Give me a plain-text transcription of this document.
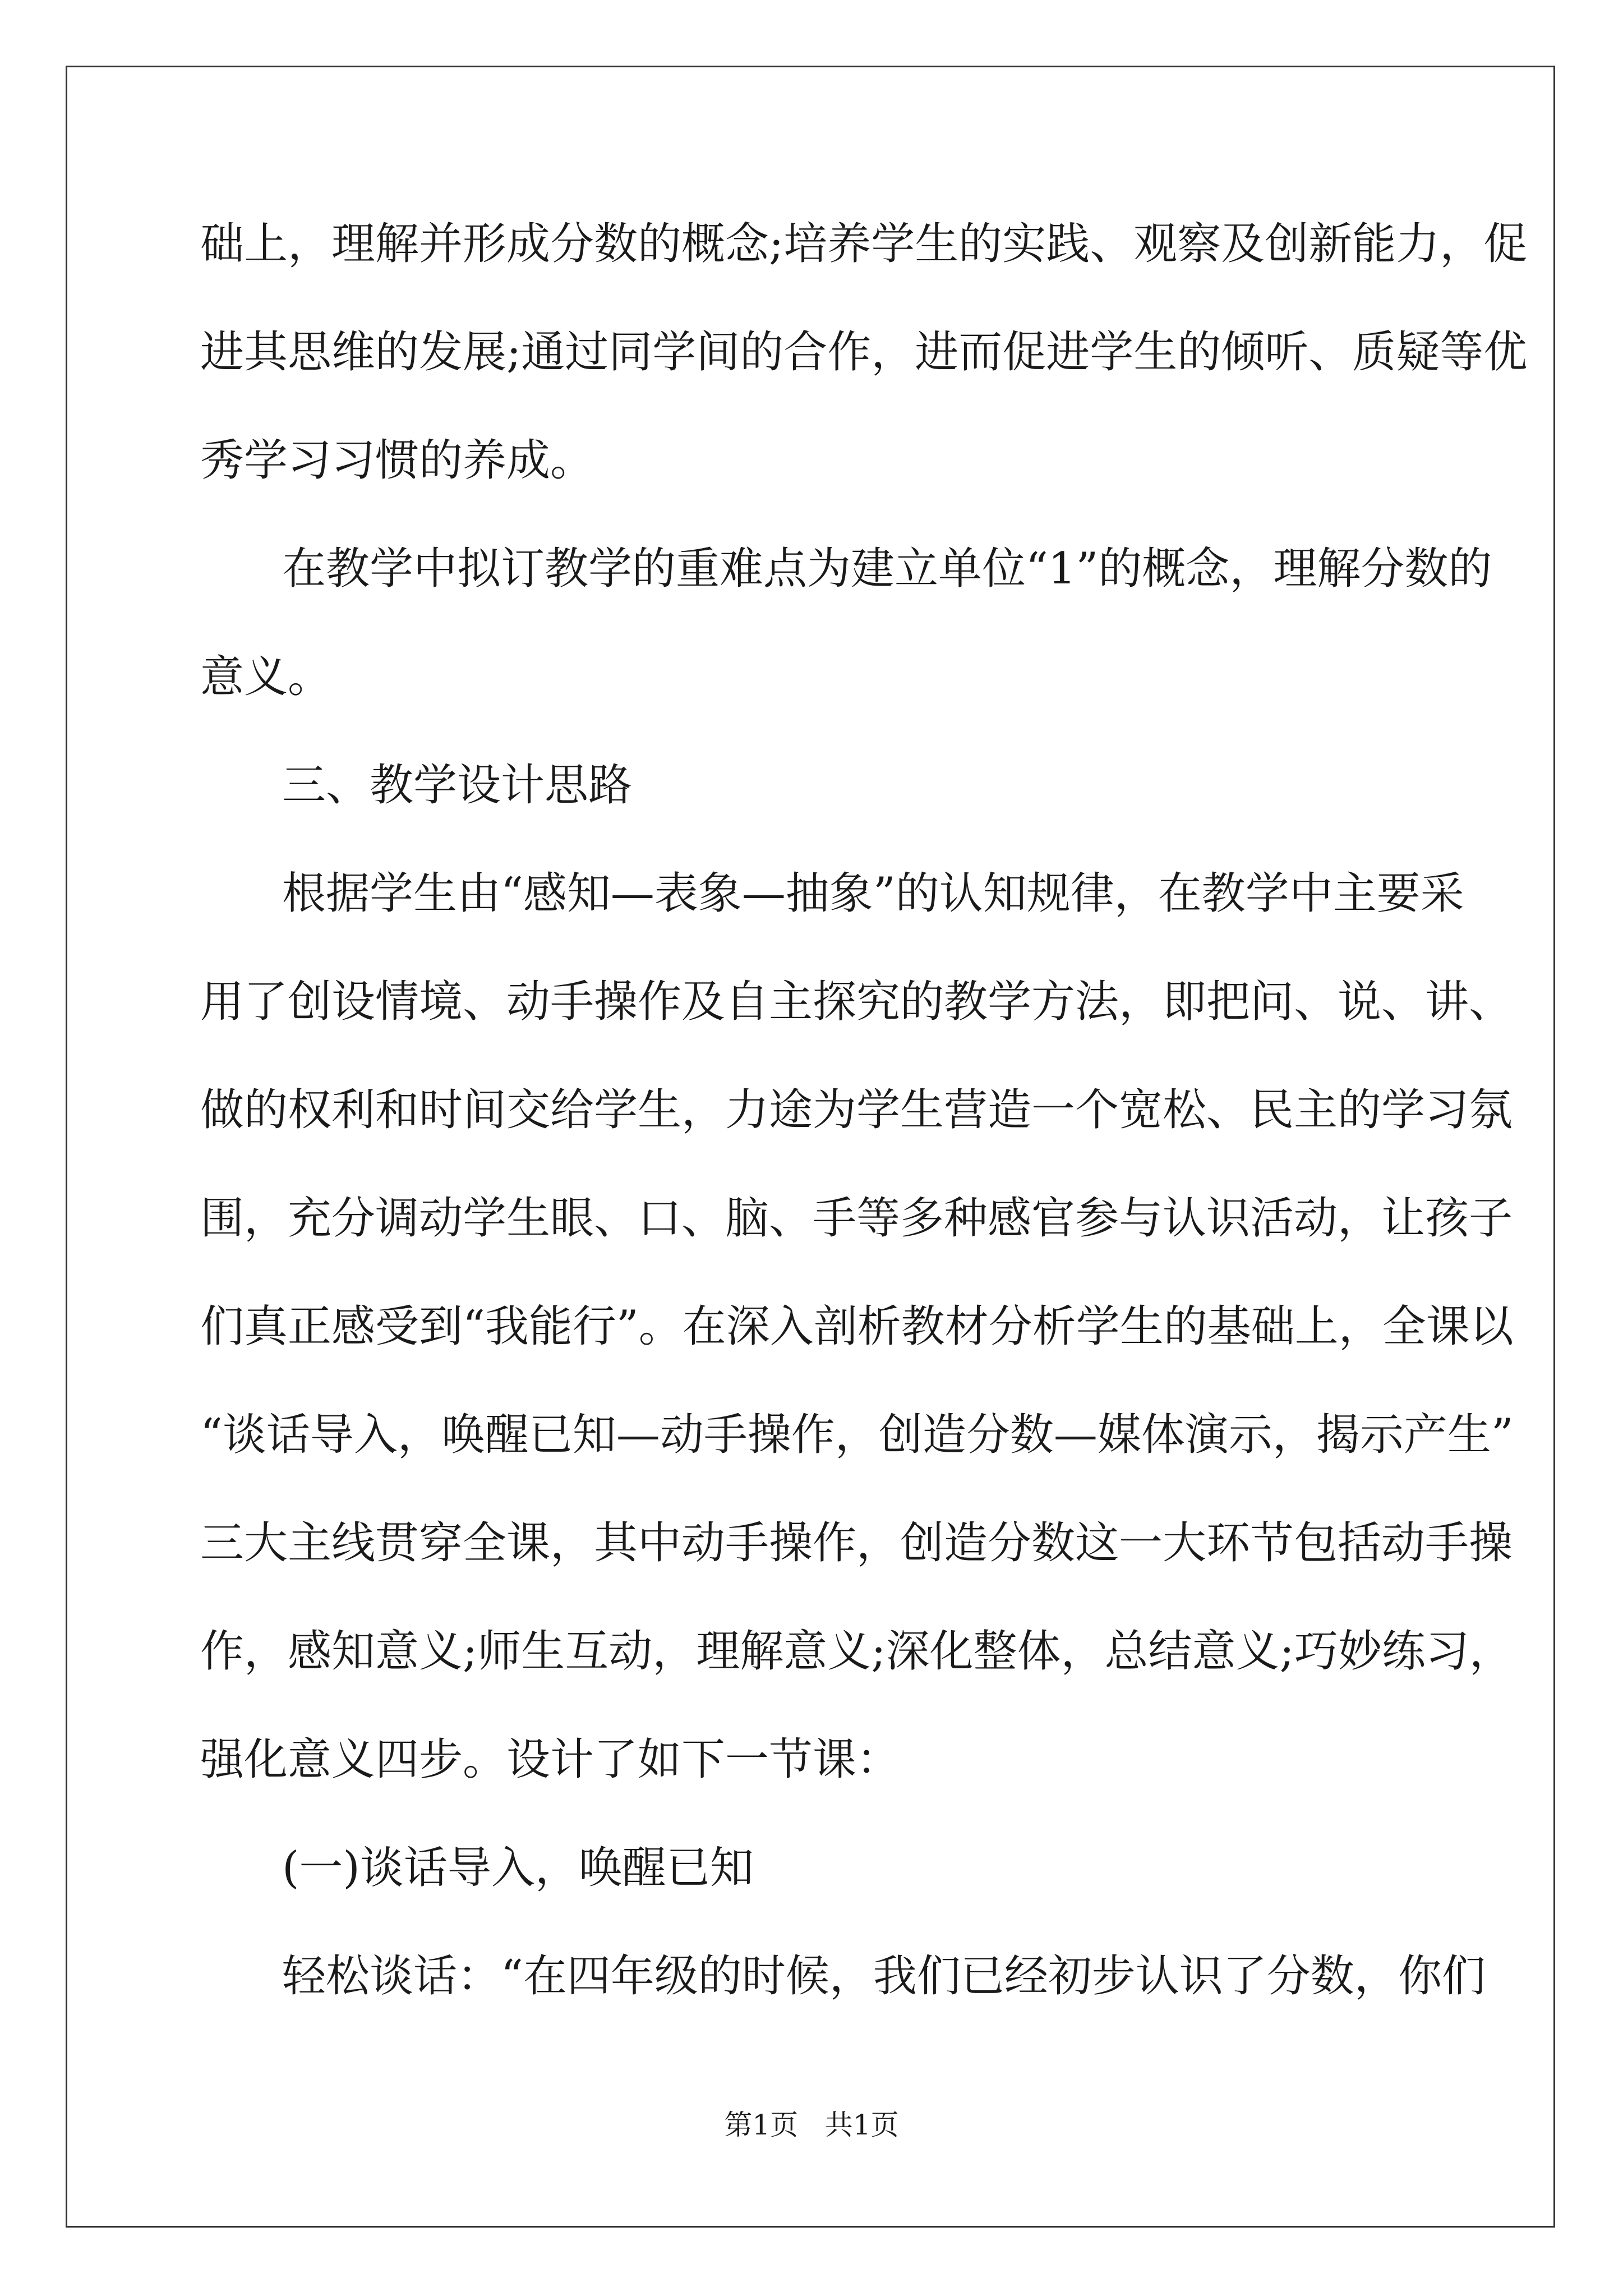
础上，理解并形成分数的概念;培养学生的实践、观察及创新能力，促
进其思维的发展;通过同学间的合作，进而促进学生的倾听、质疑等优
秀学习习惯的养成。
在教学中拟订教学的重难点为建立单位“1”的概念，理解分数的
意义。
三、教学设计思路
根据学生由“感知—表象—抽象”的认知规律，在教学中主要采
用了创设情境、动手操作及自主探究的教学方法，即把问、说、讲、
做的权利和时间交给学生，力途为学生营造一个宽松、民主的学习氛
围，充分调动学生眼、口、脑、手等多种感官参与认识活动，让孩子
们真正感受到“我能行”。在深入剖析教材分析学生的基础上，全课以
“谈话导入，唤醒已知—动手操作，创造分数—媒体演示，揭示产生”
三大主线贯穿全课，其中动手操作，创造分数这一大环节包括动手操
作，感知意义;师生互动，理解意义;深化整体，总结意义;巧妙练习，
强化意义四步。设计了如下一节课：
(一)谈话导入，唤醒已知
轻松谈话：“在四年级的时候，我们已经初步认识了分数，你们
第1页   共1页
